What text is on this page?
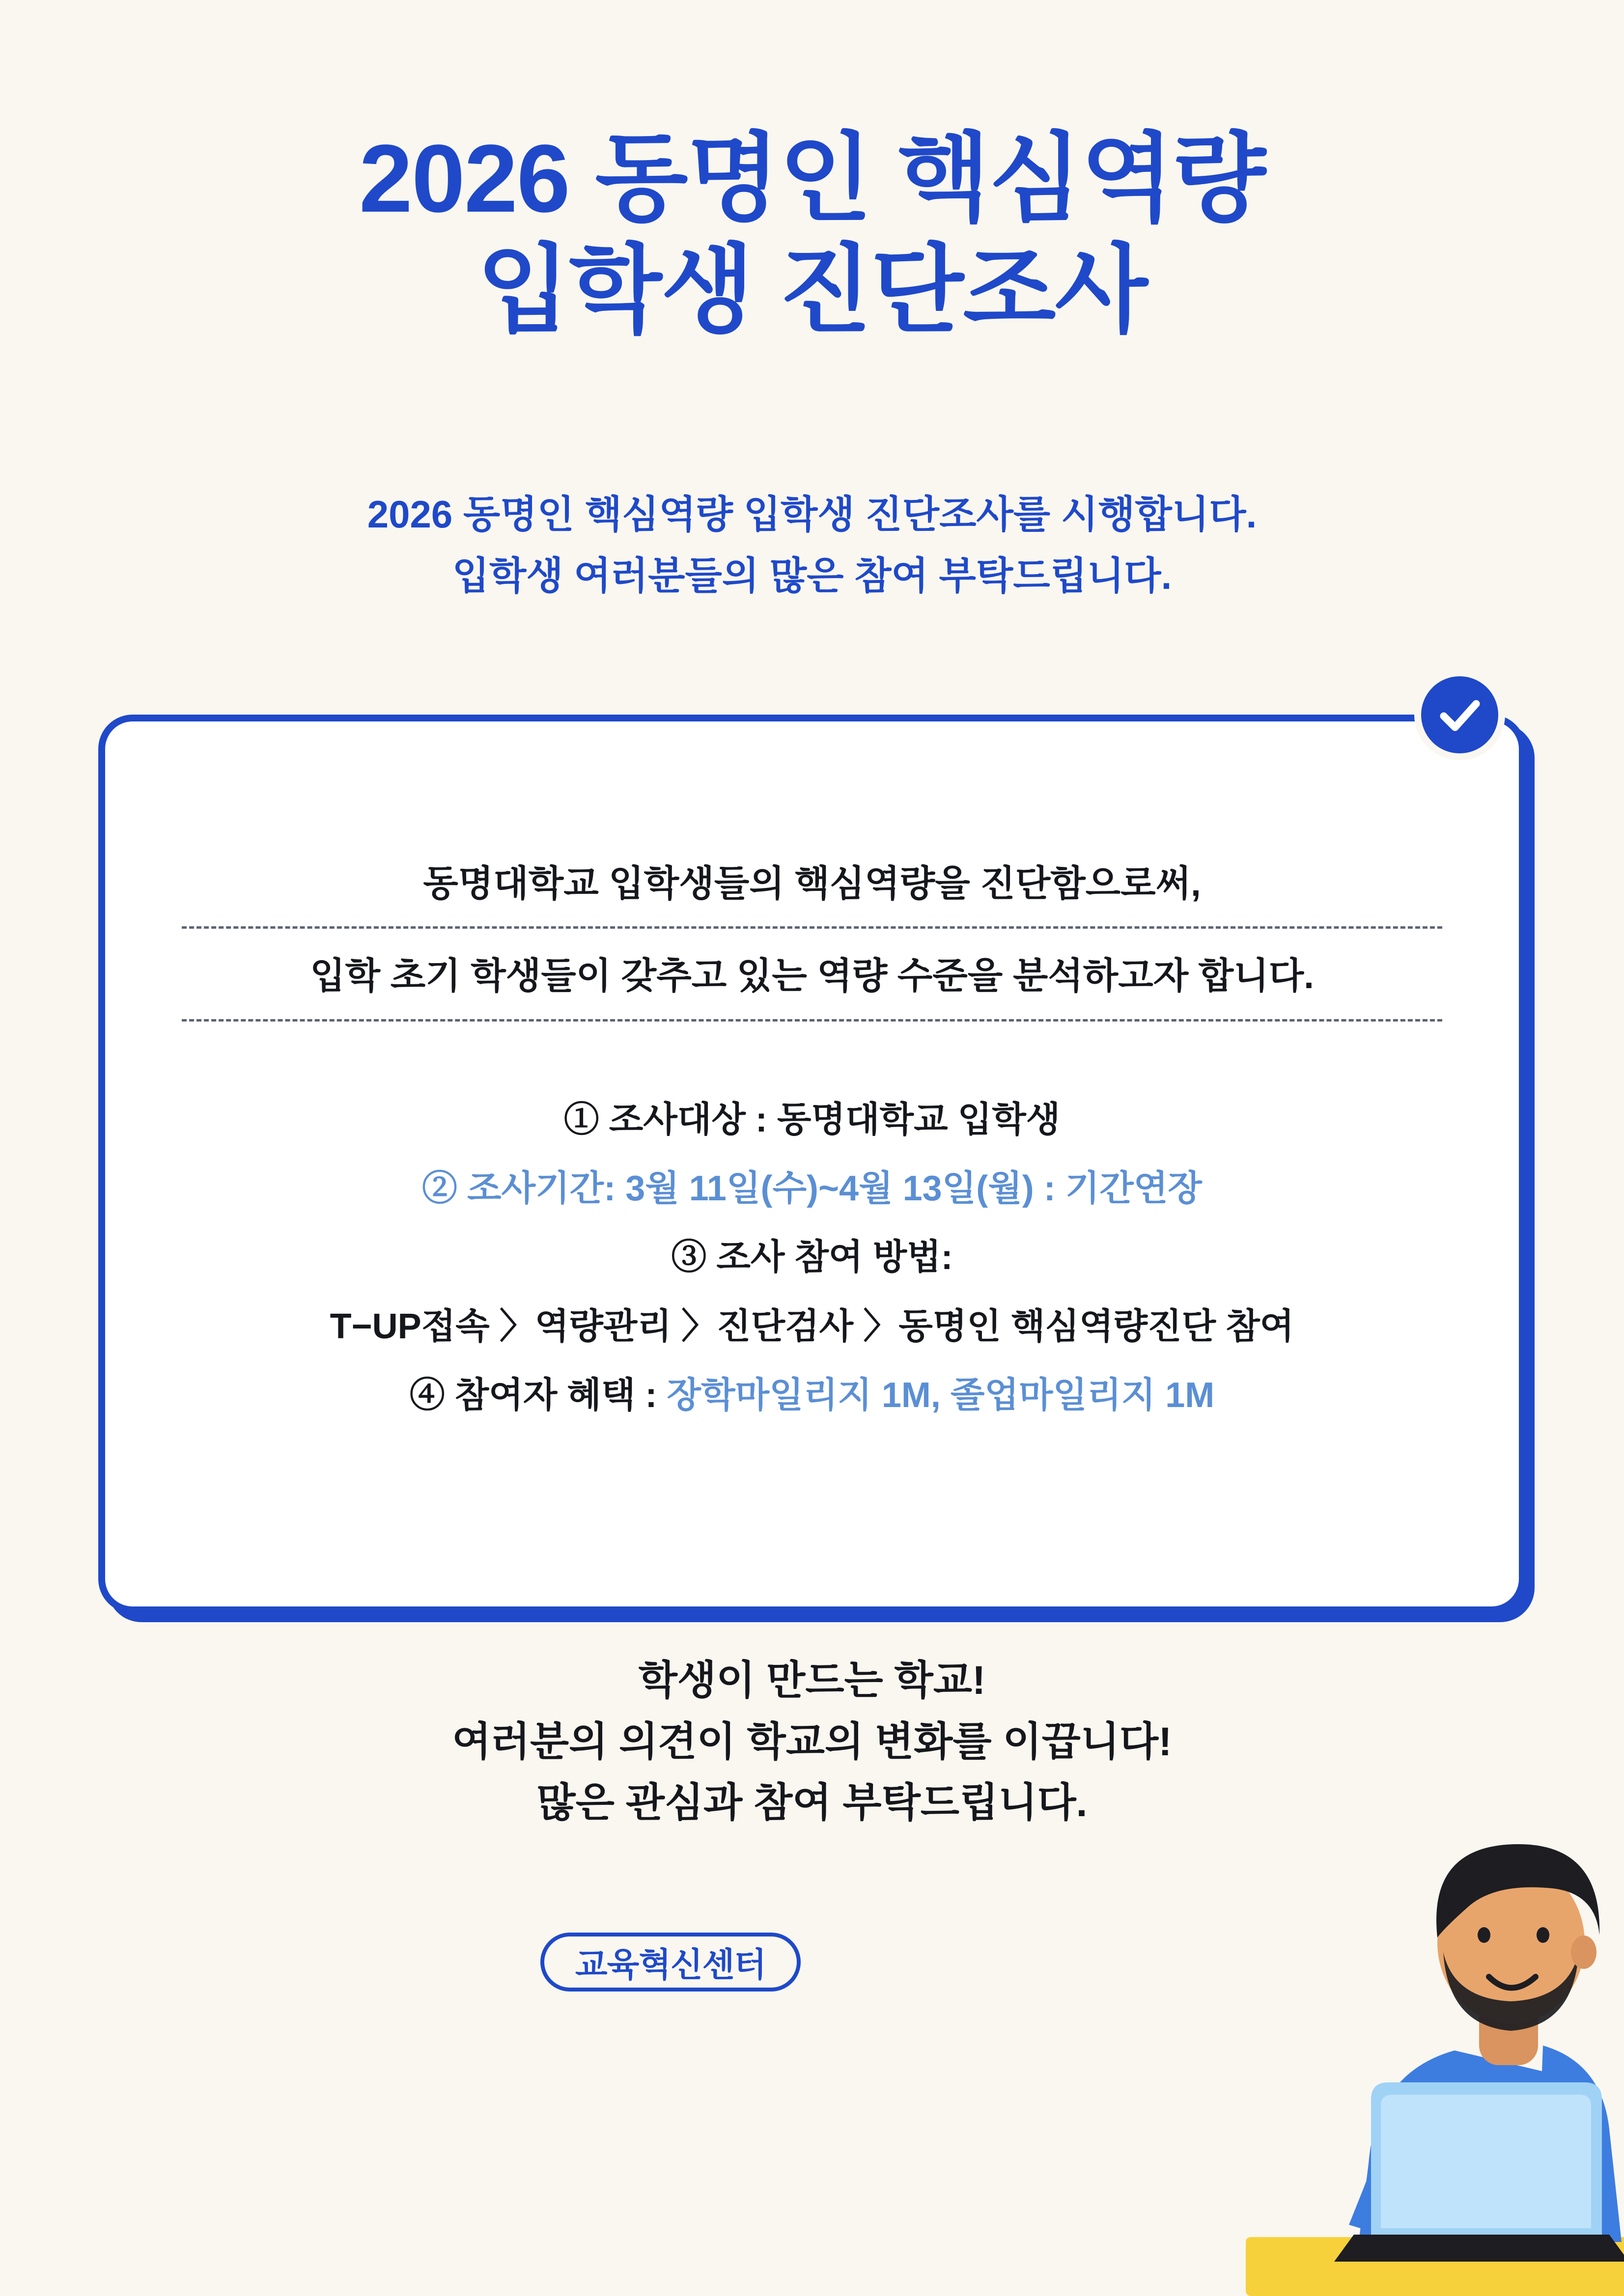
2026 동명인 핵심역량
입학생 진단조사
2026 동명인 핵심역량 입학생 진단조사를 시행합니다.
입학생 여러분들의 많은 참여 부탁드립니다.
동명대학교 입학생들의 핵심역량을 진단함으로써,
입학 초기 학생들이 갖추고 있는 역량 수준을 분석하고자 합니다.
① 조사대상 : 동명대학교 입학생
② 조사기간: 3월 11일(수)~4월 13일(월) : 기간연장
③ 조사 참여 방법:
T−UP접속 〉역량관리 〉진단검사 〉동명인 핵심역량진단 참여
④ 참여자 혜택 : 장학마일리지 1M, 졸업마일리지 1M
학생이 만드는 학교!
여러분의 의견이 학교의 변화를 이끕니다!
많은 관심과 참여 부탁드립니다.
교육혁신센터
